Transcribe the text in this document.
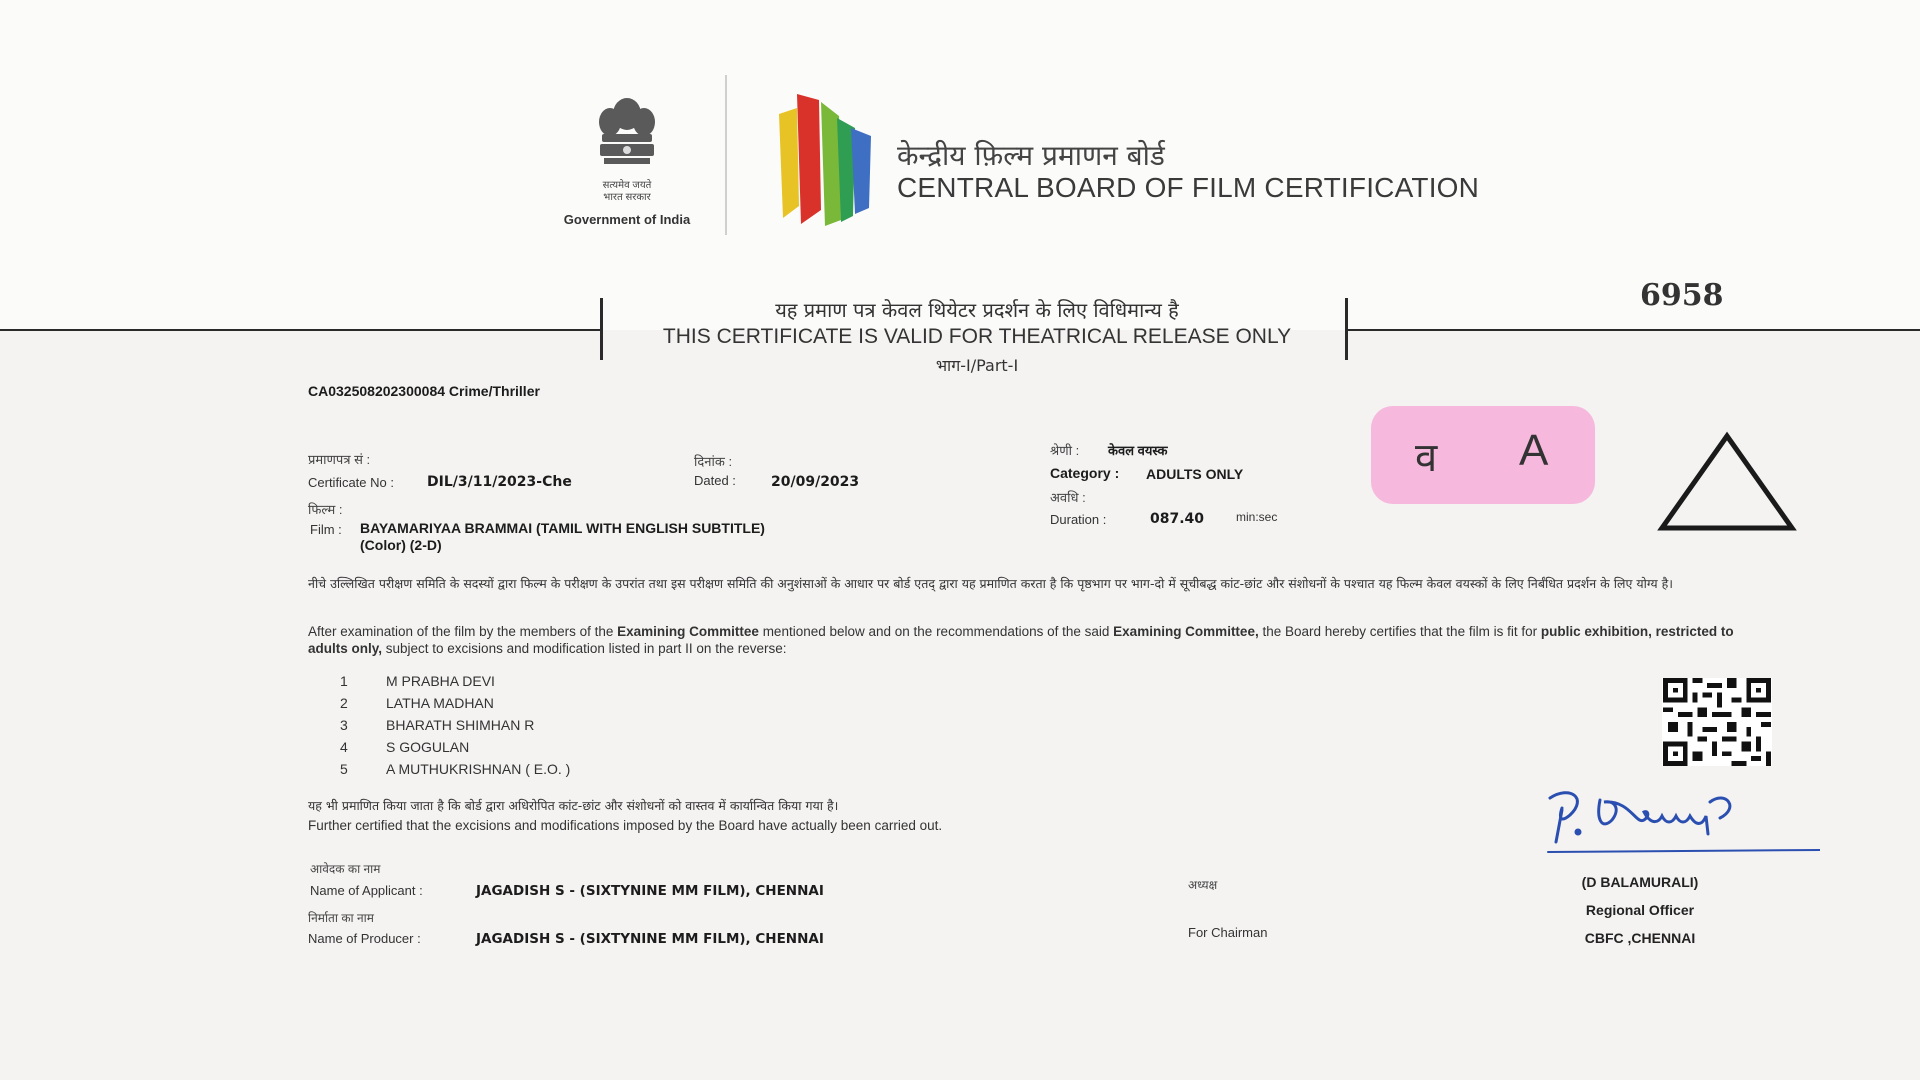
सत्यमेव जयते
भारत सरकार
Government of India
केन्द्रीय फ़िल्म प्रमाणन बोर्ड
CENTRAL BOARD OF FILM CERTIFICATION
यह प्रमाण पत्र केवल थियेटर प्रदर्शन के लिए विधिमान्य है
THIS CERTIFICATE IS VALID FOR THEATRICAL RELEASE ONLY
भाग-I/Part-I
6958
CA032508202300084 Crime/Thriller
प्रमाणपत्र सं :
Certificate No : DIL/3/11/2023-Che
दिनांक :
Dated :	20/09/2023
श्रेणी : केवल वयस्क
Category : ADULTS ONLY
अवधि :
Duration :	087.40	min:sec
फिल्म :
Film : BAYAMARIYAA BRAMMAI (TAMIL WITH ENGLISH SUBTITLE)
(Color) (2-D)
व A
नीचे उल्लिखित परीक्षण समिति के सदस्यों द्वारा फिल्म के परीक्षण के उपरांत तथा इस परीक्षण समिति की अनुशंसाओं के आधार पर बोर्ड एतद् द्वारा यह प्रमाणित करता है कि पृष्ठभाग पर भाग-दो में सूचीबद्ध कांट-छांट और संशोधनों के पश्चात यह फिल्म केवल वयस्कों के लिए निर्बंधित प्रदर्शन के लिए योग्य है।
After examination of the film by the members of the Examining Committee mentioned below and on the recommendations of the said Examining Committee, the Board hereby certifies that the film is fit for public exhibition, restricted to adults only, subject to excisions and modification listed in part II on the reverse:
1	M PRABHA DEVI
2	LATHA MADHAN
3	BHARATH SHIMHAN R
4	S GOGULAN
5	A MUTHUKRISHNAN ( E.O. )
यह भी प्रमाणित किया जाता है कि बोर्ड द्वारा अधिरोपित कांट-छांट और संशोधनों को वास्तव में कार्यान्वित किया गया है।
Further certified that the excisions and modifications imposed by the Board have actually been carried out.
आवेदक का नाम
Name of Applicant :	JAGADISH S - (SIXTYNINE MM FILM), CHENNAI
निर्माता का नाम
Name of Producer :	JAGADISH S - (SIXTYNINE MM FILM), CHENNAI
अध्यक्ष
For Chairman
(D BALAMURALI)
Regional Officer
CBFC ,CHENNAI
